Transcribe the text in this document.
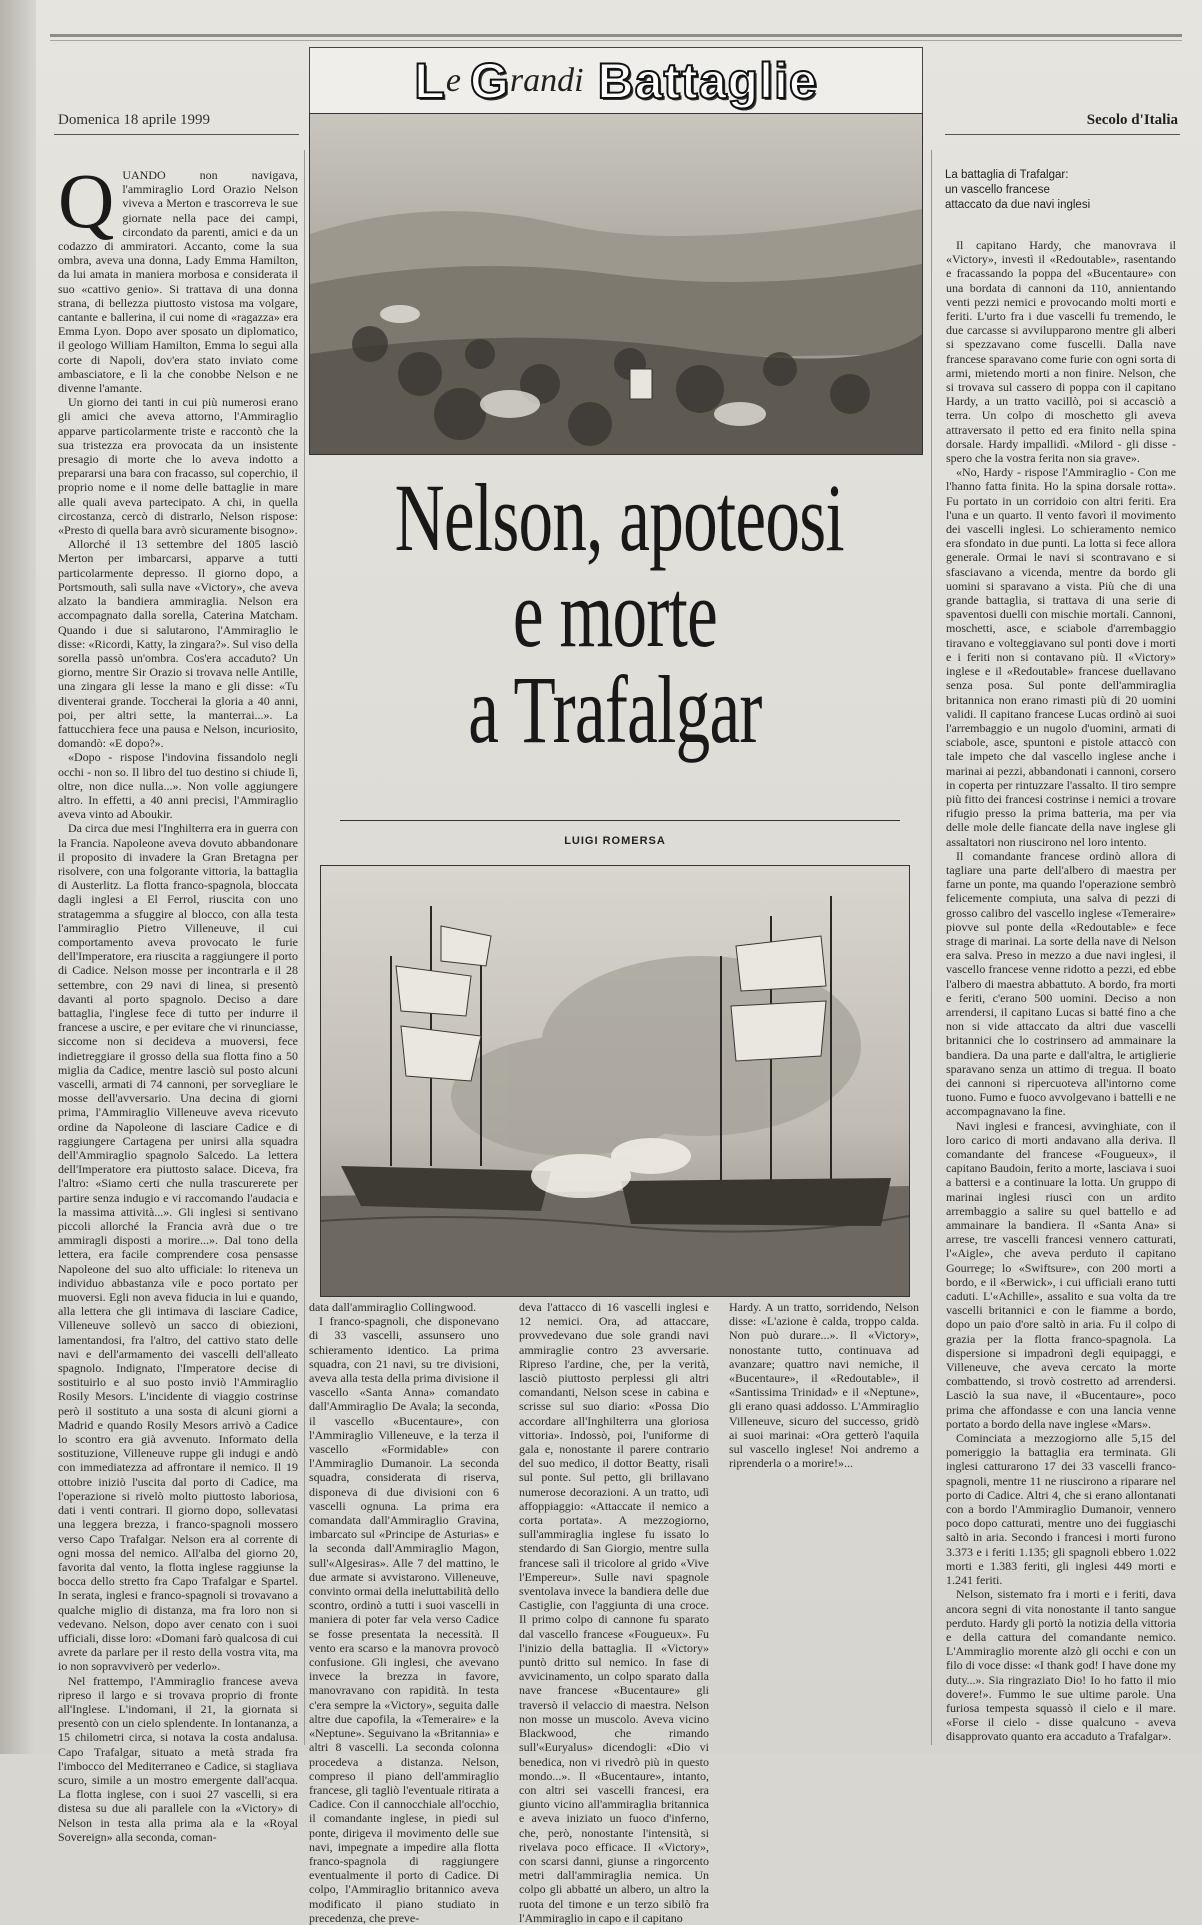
L e
G randi B attaglie
Domenica 18 aprile 1999	Secolo d'Italia
La battaglia di Trafalgar:
un vascello francese
attaccato da due navi inglesi
Nelson, apoteosi
e morte
a Trafalgar
LUIGI ROMERSA
Q UANDO non navigava, l'ammiraglio Lord Orazio Nelson viveva a Merton e trascorreva le sue giornate nella pace dei campi, circondato da parenti, amici e da un codazzo di ammiratori. Accanto, come la sua ombra, aveva una donna, Lady Emma Hamilton, da lui amata in maniera morbosa e considerata il suo «cattivo genio». Si trattava di una donna strana, di bellezza piuttosto vistosa ma volgare, cantante e ballerina, il cui nome di «ragazza» era Emma Lyon. Dopo aver sposato un diplomatico, il geologo William Hamilton, Emma lo seguì alla corte di Napoli, dov'era stato inviato come ambasciatore, e lì la che conobbe Nelson e ne divenne l'amante.

Un giorno dei tanti in cui più numerosi erano gli amici che aveva attorno, l'Ammiraglio apparve particolarmente triste e raccontò che la sua tristezza era provocata da un insistente presagio di morte che lo aveva indotto a prepararsi una bara con fracasso, sul coperchio, il proprio nome e il nome delle battaglie in mare alle quali aveva partecipato. A chi, in quella circostanza, cercò di distrarlo, Nelson rispose: «Presto di quella bara avrò sicuramente bisogno».

Allorché il 13 settembre del 1805 lasciò Merton per imbarcarsi, apparve a tutti particolarmente depresso. Il giorno dopo, a Portsmouth, salì sulla nave «Victory», che aveva alzato la bandiera ammiraglia. Nelson era accompagnato dalla sorella, Caterina Matcham. Quando i due si salutarono, l'Ammiraglio le disse: «Ricordi, Katty, la zingara?». Sul viso della sorella passò un'ombra. Cos'era accaduto? Un giorno, mentre Sir Orazio si trovava nelle Antille, una zingara gli lesse la mano e gli disse: «Tu diventerai grande. Toccherai la gloria a 40 anni, poi, per altri sette, la manterrai...». La fattucchiera fece una pausa e Nelson, incuriosito, domandò: «E dopo?».

«Dopo - rispose l'indovina fissandolo negli occhi - non so. Il libro del tuo destino si chiude lì, oltre, non dice nulla...». Non volle aggiungere altro. In effetti, a 40 anni precisi, l'Ammiraglio aveva vinto ad Aboukir.

Da circa due mesi l'Inghilterra era in guerra con la Francia. Napoleone aveva dovuto abbandonare il proposito di invadere la Gran Bretagna per risolvere, con una folgorante vittoria, la battaglia di Austerlitz. La flotta franco-spagnola, bloccata dagli inglesi a El Ferrol, riuscita con uno stratagemma a sfuggire al blocco, con alla testa l'ammiraglio Pietro Villeneuve, il cui comportamento aveva provocato le furie dell'Imperatore, era riuscita a raggiungere il porto di Cadice. Nelson mosse per incontrarla e il 28 settembre, con 29 navi di linea, si presentò davanti al porto spagnolo. Deciso a dare battaglia, l'inglese fece di tutto per indurre il francese a uscire, e per evitare che vi rinunciasse, siccome non si decideva a muoversi, fece indietreggiare il grosso della sua flotta fino a 50 miglia da Cadice, mentre lasciò sul posto alcuni vascelli, armati di 74 cannoni, per sorvegliare le mosse dell'avversario. Una decina di giorni prima, l'Ammiraglio Villeneuve aveva ricevuto ordine da Napoleone di lasciare Cadice e di raggiungere Cartagena per unirsi alla squadra dell'Ammiraglio spagnolo Salcedo. La lettera dell'Imperatore era piuttosto salace. Diceva, fra l'altro: «Siamo certi che nulla trascurerete per partire senza indugio e vi raccomando l'audacia e la massima attività...». Gli inglesi si sentivano piccoli allorché la Francia avrà due o tre ammiragli disposti a morire...». Dal tono della lettera, era facile comprendere cosa pensasse Napoleone del suo alto ufficiale: lo riteneva un individuo abbastanza vile e poco portato per muoversi. Egli non aveva fiducia in lui e quando, alla lettera che gli intimava di lasciare Cadice, Villeneuve sollevò un sacco di obiezioni, lamentandosi, fra l'altro, del cattivo stato delle navi e dell'armamento dei vascelli dell'alleato spagnolo. Indignato, l'Imperatore decise di sostituirlo e al suo posto inviò l'Ammiraglio Rosily Mesors. L'incidente di viaggio costrinse però il sostituto a una sosta di alcuni giorni a Madrid e quando Rosily Mesors arrivò a Cadice lo scontro era già avvenuto. Informato della sostituzione, Villeneuve ruppe gli indugi e andò con immediatezza ad affrontare il nemico. Il 19 ottobre iniziò l'uscita dal porto di Cadice, ma l'operazione si rivelò molto piuttosto laboriosa, dati i venti contrari. Il giorno dopo, sollevatasi una leggera brezza, i franco-spagnoli mossero verso Capo Trafalgar. Nelson era al corrente di ogni mossa del nemico. All'alba del giorno 20, favorita dal vento, la flotta inglese raggiunse la bocca dello stretto fra Capo Trafalgar e Spartel. In serata, inglesi e franco-spagnoli si trovavano a qualche miglio di distanza, ma fra loro non si vedevano. Nelson, dopo aver cenato con i suoi ufficiali, disse loro: «Domani farò qualcosa di cui avrete da parlare per il resto della vostra vita, ma io non sopravviverò per vederlo».

Nel frattempo, l'Ammiraglio francese aveva ripreso il largo e si trovava proprio di fronte all'Inglese. L'indomani, il 21, la giornata si presentò con un cielo splendente. In lontananza, a 15 chilometri circa, si notava la costa andalusa. Capo Trafalgar, situato a metà strada fra l'imbocco del Mediterraneo e Cadice, si stagliava scuro, simile a un mostro emergente dall'acqua. La flotta inglese, con i suoi 27 vascelli, si era distesa su due ali parallele con la «Victory» di Nelson in testa alla prima ala e la «Royal Sovereign» alla seconda, coman-

data dall'ammiraglio Collingwood.

I franco-spagnoli, che disponevano di 33 vascelli, assunsero uno schieramento identico. La prima squadra, con 21 navi, su tre divisioni, aveva alla testa della prima divisione il vascello «Santa Anna» comandato dall'Ammiraglio De Avala; la seconda, il vascello «Bucentaure», con l'Ammiraglio Villeneuve, e la terza il vascello «Formidable» con l'Ammiraglio Dumanoir. La seconda squadra, considerata di riserva, disponeva di due divisioni con 6 vascelli ognuna. La prima era comandata dall'Ammiraglio Gravina, imbarcato sul «Principe de Asturias» e la seconda dall'Ammiraglio Magon, sull'«Algesiras». Alle 7 del mattino, le due armate si avvistarono. Villeneuve, convinto ormai della ineluttabilità dello scontro, ordinò a tutti i suoi vascelli in maniera di poter far vela verso Cadice se fosse presentata la necessità. Il vento era scarso e la manovra provocò confusione. Gli inglesi, che avevano invece la brezza in favore, manovravano con rapidità. In testa c'era sempre la «Victory», seguita dalle altre due capofila, la «Temeraire» e la «Neptune». Seguivano la «Britannia» e altri 8 vascelli. La seconda colonna procedeva a distanza. Nelson, compreso il piano dell'ammiraglio francese, gli tagliò l'eventuale ritirata a Cadice. Con il cannocchiale all'occhio, il comandante inglese, in piedi sul ponte, dirigeva il movimento delle sue navi, impegnate a impedire alla flotta franco-spagnola di raggiungere eventualmente il porto di Cadice. Di colpo, l'Ammiraglio britannico aveva modificato il piano studiato in precedenza, che preve-

deva l'attacco di 16 vascelli inglesi e 12 nemici. Ora, ad attaccare, provvedevano due sole grandi navi ammiraglie contro 23 avversarie. Ripreso l'ardine, che, per la verità, lasciò piuttosto perplessi gli altri comandanti, Nelson scese in cabina e scrisse sul suo diario: «Possa Dio accordare all'Inghilterra una gloriosa vittoria». Indossò, poi, l'uniforme di gala e, nonostante il parere contrario del suo medico, il dottor Beatty, risalì sul ponte. Sul petto, gli brillavano numerose decorazioni. A un tratto, udì affoppiaggio: «Attaccate il nemico a corta portata». A mezzogiorno, sull'ammiraglia inglese fu issato lo stendardo di San Giorgio, mentre sulla francese salì il tricolore al grido «Vive l'Empereur». Sulle navi spagnole sventolava invece la bandiera delle due Castiglie, con l'aggiunta di una croce. Il primo colpo di cannone fu sparato dal vascello francese «Fougueux». Fu l'inizio della battaglia. Il «Victory» puntò dritto sul nemico. In fase di avvicinamento, un colpo sparato dalla nave francese «Bucentaure» gli traversò il velaccio di maestra. Nelson non mosse un muscolo. Aveva vicino Blackwood, che rimando sull'«Euryalus» dicendogli: «Dio vi benedica, non vi rivedrò più in questo mondo...». Il «Bucentaure», intanto, con altri sei vascelli francesi, era giunto vicino all'ammiraglia britannica e aveva iniziato un fuoco d'inferno, che, però, nonostante l'intensità, si rivelava poco efficace. Il «Victory», con scarsi danni, giunse a ringorcento metri dall'ammiraglia nemica. Un colpo gli abbatté un albero, un altro la ruota del timone e un terzo sibilò fra l'Ammiraglio in capo e il capitano

Hardy. A un tratto, sorridendo, Nelson disse: «L'azione è calda, troppo calda. Non può durare...». Il «Victory», nonostante tutto, continuava ad avanzare; quattro navi nemiche, il «Bucentaure», il «Redoutable», il «Santissima Trinidad» e il «Neptune», gli erano quasi addosso. L'Ammiraglio Villeneuve, sicuro del successo, gridò ai suoi marinai: «Ora getterò l'aquila sul vascello inglese! Noi andremo a riprenderla o a morire!»...

Il capitano Hardy, che manovrava il «Victory», investì il «Redoutable», rasentando e fracassando la poppa del «Bucentaure» con una bordata di cannoni da 110, annientando venti pezzi nemici e provocando molti morti e feriti. L'urto fra i due vascelli fu tremendo, le due carcasse si avvilupparono mentre gli alberi si spezzavano come fuscelli. Dalla nave francese sparavano come furie con ogni sorta di armi, mietendo morti a non finire. Nelson, che si trovava sul cassero di poppa con il capitano Hardy, a un tratto vacillò, poi si accasciò a terra. Un colpo di moschetto gli aveva attraversato il petto ed era finito nella spina dorsale. Hardy impallidì. «Milord - gli disse - spero che la vostra ferita non sia grave».

«No, Hardy - rispose l'Ammiraglio - Con me l'hanno fatta finita. Ho la spina dorsale rotta». Fu portato in un corridoio con altri feriti. Era l'una e un quarto. Il vento favorì il movimento dei vascelli inglesi. Lo schieramento nemico era sfondato in due punti. La lotta si fece allora generale. Ormai le navi si scontravano e si sfasciavano a vicenda, mentre da bordo gli uomini si sparavano a vista. Più che di una grande battaglia, si trattava di una serie di spaventosi duelli con mischie mortali. Cannoni, moschetti, asce, e sciabole d'arrembaggio tiravano e volteggiavano sul ponti dove i morti e i feriti non si contavano più. Il «Victory» inglese e il «Redoutable» francese duellavano senza posa. Sul ponte dell'ammiraglia britannica non erano rimasti più di 20 uomini validi. Il capitano francese Lucas ordinò ai suoi l'arrembaggio e un nugolo d'uomini, armati di sciabole, asce, spuntoni e pistole attaccò con tale impeto che dal vascello inglese anche i marinai ai pezzi, abbandonati i cannoni, corsero in coperta per rintuzzare l'assalto. Il tiro sempre più fitto dei francesi costrinse i nemici a trovare rifugio presso la prima batteria, ma per via delle mole delle fiancate della nave inglese gli assaltatori non riuscirono nel loro intento.

Il comandante francese ordinò allora di tagliare una parte dell'albero di maestra per farne un ponte, ma quando l'operazione sembrò felicemente compiuta, una salva di pezzi di grosso calibro del vascello inglese «Temeraire» piovve sul ponte della «Redoutable» e fece strage di marinai. La sorte della nave di Nelson era salva. Preso in mezzo a due navi inglesi, il vascello francese venne ridotto a pezzi, ed ebbe l'albero di maestra abbattuto. A bordo, fra morti e feriti, c'erano 500 uomini. Deciso a non arrendersi, il capitano Lucas si batté fino a che non si vide attaccato da altri due vascelli britannici che lo costrinsero ad ammainare la bandiera. Da una parte e dall'altra, le artiglierie sparavano senza un attimo di tregua. Il boato dei cannoni si ripercuoteva all'intorno come tuono. Fumo e fuoco avvolgevano i battelli e ne accompagnavano la fine.

Navi inglesi e francesi, avvinghiate, con il loro carico di morti andavano alla deriva. Il comandante del francese «Fougueux», il capitano Baudoin, ferito a morte, lasciava i suoi a battersi e a continuare la lotta. Un gruppo di marinai inglesi riuscì con un ardito arrembaggio a salire su quel battello e ad ammainare la bandiera. Il «Santa Ana» si arrese, tre vascelli francesi vennero catturati, l'«Aigle», che aveva perduto il capitano Gourrege; lo «Swiftsure», con 200 morti a bordo, e il «Berwick», i cui ufficiali erano tutti caduti. L'«Achille», assalito e sua volta da tre vascelli britannici e con le fiamme a bordo, dopo un paio d'ore saltò in aria. Fu il colpo di grazia per la flotta franco-spagnola. La dispersione si impadronì degli equipaggi, e Villeneuve, che aveva cercato la morte combattendo, si trovò costretto ad arrendersi. Lasciò la sua nave, il «Bucentaure», poco prima che affondasse e con una lancia venne portato a bordo della nave inglese «Mars».

Cominciata a mezzogiorno alle 5,15 del pomeriggio la battaglia era terminata. Gli inglesi catturarono 17 dei 33 vascelli franco-spagnoli, mentre 11 ne riuscirono a riparare nel porto di Cadice. Altri 4, che si erano allontanati con a bordo l'Ammiraglio Dumanoir, vennero poco dopo catturati, mentre uno dei fuggiaschi saltò in aria. Secondo i francesi i morti furono 3.373 e i feriti 1.135; gli spagnoli ebbero 1.022 morti e 1.383 feriti, gli inglesi 449 morti e 1.241 feriti.

Nelson, sistemato fra i morti e i feriti, dava ancora segni di vita nonostante il tanto sangue perduto. Hardy gli portò la notizia della vittoria e della cattura del comandante nemico. L'Ammiraglio morente alzò gli occhi e con un filo di voce disse: «I thank god! I have done my duty...». Sia ringraziato Dio! Io ho fatto il mio dovere!». Fummo le sue ultime parole. Una furiosa tempesta squassò il cielo e il mare. «Forse il cielo - disse qualcuno - aveva disapprovato quanto era accaduto a Trafalgar».
